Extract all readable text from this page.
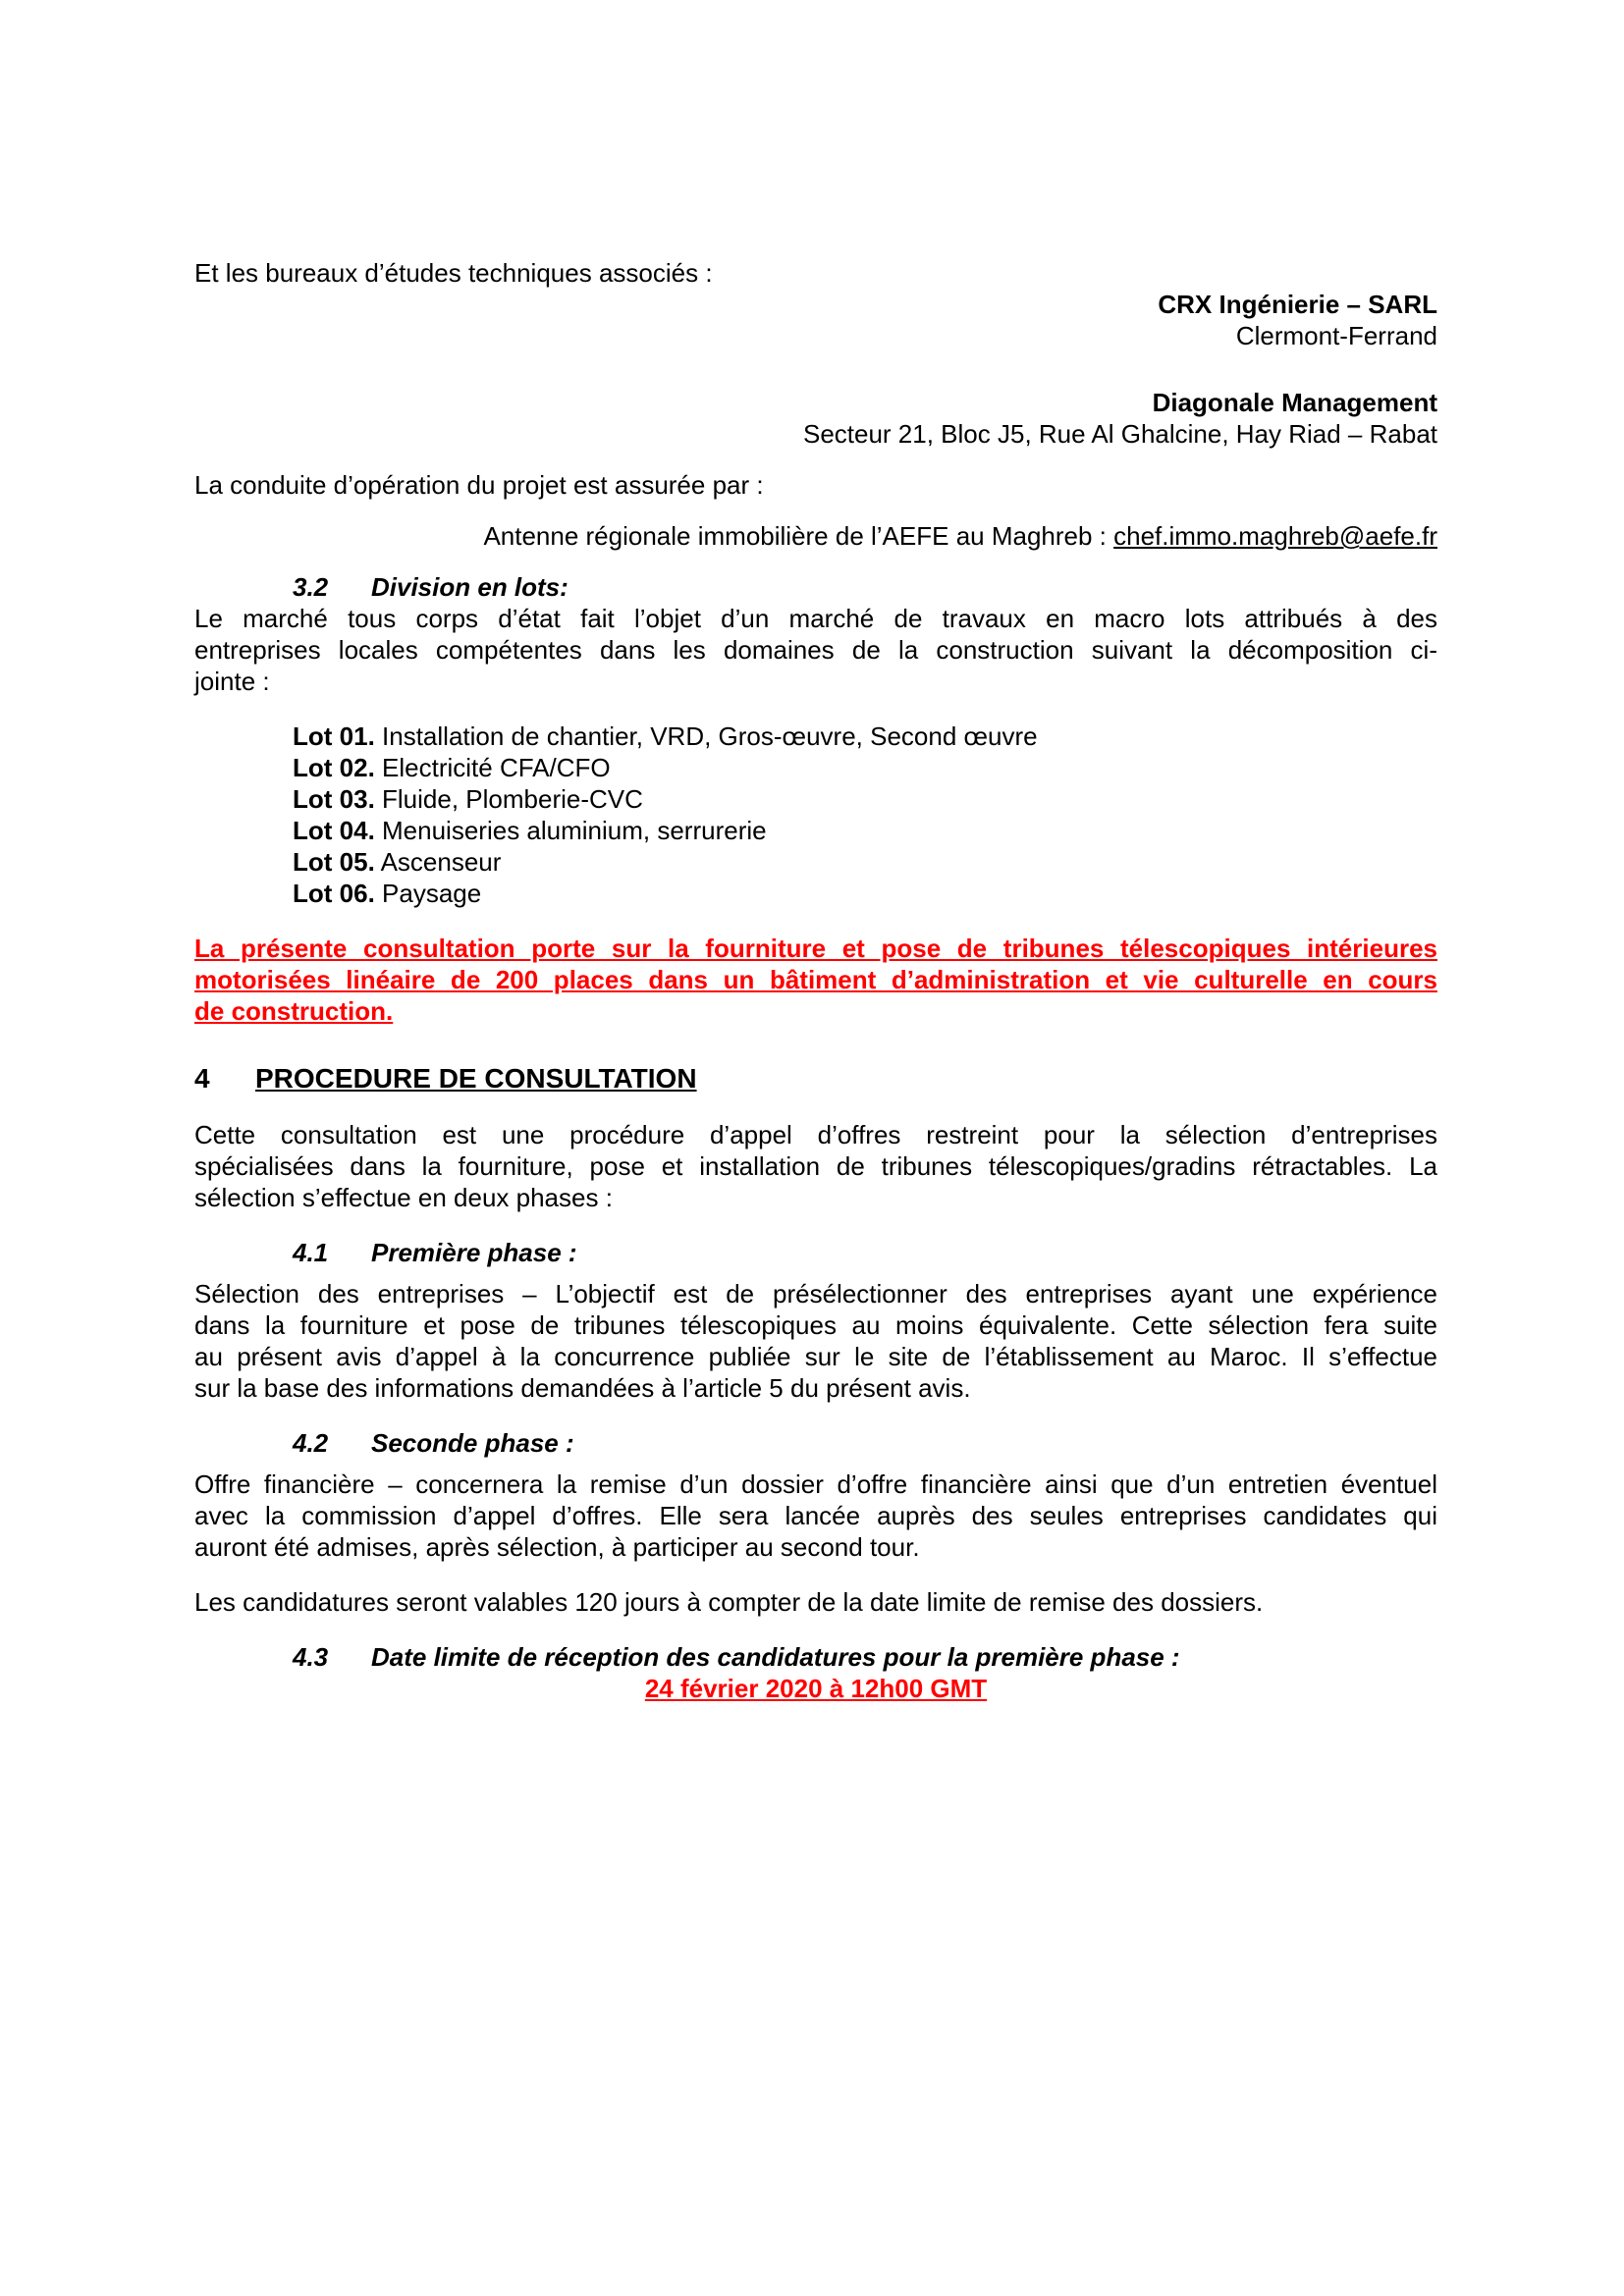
Et les bureaux d’études techniques associés :

CRX Ingénierie – SARL

Clermont-Ferrand

Diagonale Management

Secteur 21, Bloc J5, Rue Al Ghalcine, Hay Riad – Rabat

La conduite d’opération du projet est assurée par :

Antenne régionale immobilière de l’AEFE au Maghreb : chef.immo.maghreb@aefe.fr

3.2	Division en lots:

Le marché tous corps d’état fait l’objet d’un marché de travaux en macro lots attribués à des

entreprises locales compétentes dans les domaines de la construction suivant la décomposition ci-

jointe :

Lot 01. Installation de chantier, VRD, Gros-œuvre, Second œuvre

Lot 02. Electricité CFA/CFO

Lot 03. Fluide, Plomberie-CVC

Lot 04. Menuiseries aluminium, serrurerie

Lot 05. Ascenseur

Lot 06. Paysage

La présente consultation porte sur la fourniture et pose de tribunes télescopiques intérieures

motorisées linéaire de 200 places dans un bâtiment d’administration et vie culturelle en cours

de construction.

4	PROCEDURE DE CONSULTATION

Cette consultation est une procédure d’appel d’offres restreint pour la sélection d’entreprises

spécialisées dans la fourniture, pose et installation de tribunes télescopiques/gradins rétractables. La

sélection s’effectue en deux phases :

4.1	Première phase :

Sélection des entreprises – L’objectif est de présélectionner des entreprises ayant une expérience

dans la fourniture et pose de tribunes télescopiques au moins équivalente. Cette sélection fera suite

au présent avis d’appel à la concurrence publiée sur le site de l’établissement au Maroc. Il s’effectue

sur la base des informations demandées à l’article 5 du présent avis.

4.2	Seconde phase :

Offre financière – concernera la remise d’un dossier d’offre financière ainsi que d’un entretien éventuel

avec la commission d’appel d’offres. Elle sera lancée auprès des seules entreprises candidates qui

auront été admises, après sélection, à participer au second tour.

Les candidatures seront valables 120 jours à compter de la date limite de remise des dossiers.

4.3	Date limite de réception des candidatures pour la première phase :

24 février 2020 à 12h00 GMT
